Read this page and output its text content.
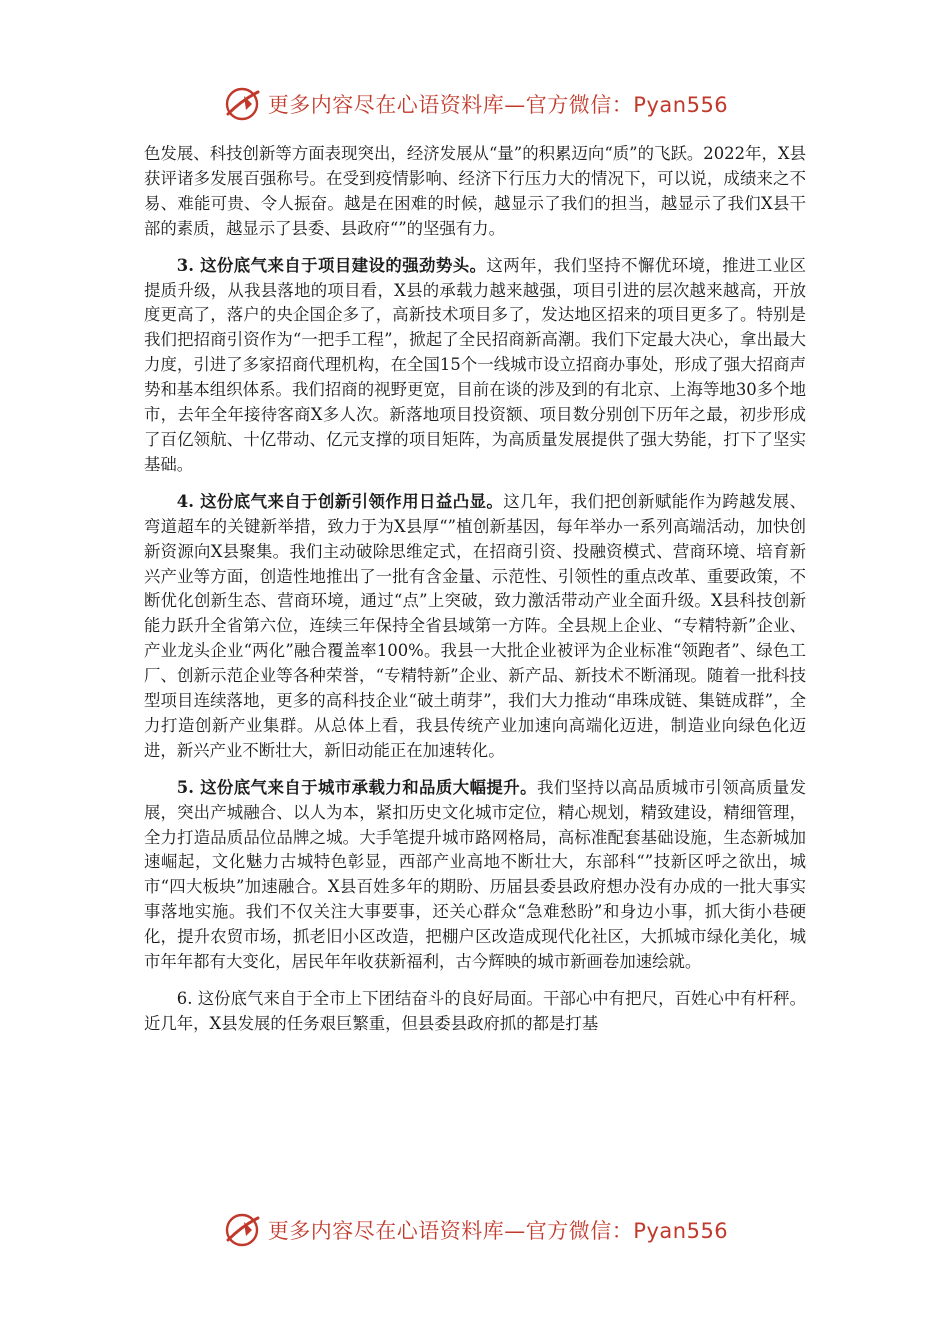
更多内容尽在心语资料库—官方微信：Pyan556

色发展、科技创新等方面表现突出，经济发展从“量”的积累迈向“质”的飞跃。2022年，X县获评诸多发展百强称号。在受到疫情影响、经济下行压力大的情况下，可以说，成绩来之不易、难能可贵、令人振奋。越是在困难的时候，越显示了我们的担当，越显示了我们X县干部的素质，越显示了县委、县政府“”的坚强有力。

3. 这份底气来自于项目建设的强劲势头。这两年，我们坚持不懈优环境，推进工业区提质升级，从我县落地的项目看，X县的承载力越来越强，项目引进的层次越来越高，开放度更高了，落户的央企国企多了，高新技术项目多了，发达地区招来的项目更多了。特别是我们把招商引资作为“一把手工程”，掀起了全民招商新高潮。我们下定最大决心，拿出最大力度，引进了多家招商代理机构，在全国15个一线城市设立招商办事处，形成了强大招商声势和基本组织体系。我们招商的视野更宽，目前在谈的涉及到的有北京、上海等地30多个地市，去年全年接待客商X多人次。新落地项目投资额、项目数分别创下历年之最，初步形成了百亿领航、十亿带动、亿元支撑的项目矩阵，为高质量发展提供了强大势能，打下了坚实基础。

4. 这份底气来自于创新引领作用日益凸显。这几年，我们把创新赋能作为跨越发展、弯道超车的关键新举措，致力于为X县厚“”植创新基因，每年举办一系列高端活动，加快创新资源向X县聚集。我们主动破除思维定式，在招商引资、投融资模式、营商环境、培育新兴产业等方面，创造性地推出了一批有含金量、示范性、引领性的重点改革、重要政策，不断优化创新生态、营商环境，通过“点”上突破，致力激活带动产业全面升级。X县科技创新能力跃升全省第六位，连续三年保持全省县域第一方阵。全县规上企业、“专精特新”企业、产业龙头企业“两化”融合覆盖率100%。我县一大批企业被评为企业标准“领跑者”、绿色工厂、创新示范企业等各种荣誉，“专精特新”企业、新产品、新技术不断涌现。随着一批科技型项目连续落地，更多的高科技企业“破土萌芽”，我们大力推动“串珠成链、集链成群”，全力打造创新产业集群。从总体上看，我县传统产业加速向高端化迈进，制造业向绿色化迈进，新兴产业不断壮大，新旧动能正在加速转化。

5. 这份底气来自于城市承载力和品质大幅提升。我们坚持以高品质城市引领高质量发展，突出产城融合、以人为本，紧扣历史文化城市定位，精心规划，精致建设，精细管理，全力打造品质品位品牌之城。大手笔提升城市路网格局，高标准配套基础设施，生态新城加速崛起，文化魅力古城特色彰显，西部产业高地不断壮大，东部科“”技新区呼之欲出，城市“四大板块”加速融合。X县百姓多年的期盼、历届县委县政府想办没有办成的一批大事实事落地实施。我们不仅关注大事要事，还关心群众“急难愁盼”和身边小事，抓大街小巷硬化，提升农贸市场，抓老旧小区改造，把棚户区改造成现代化社区，大抓城市绿化美化，城市年年都有大变化，居民年年收获新福利，古今辉映的城市新画卷加速绘就。

6. 这份底气来自于全市上下团结奋斗的良好局面。干部心中有把尺，百姓心中有杆秤。近几年，X县发展的任务艰巨繁重，但县委县政府抓的都是打基

更多内容尽在心语资料库—官方微信：Pyan556
